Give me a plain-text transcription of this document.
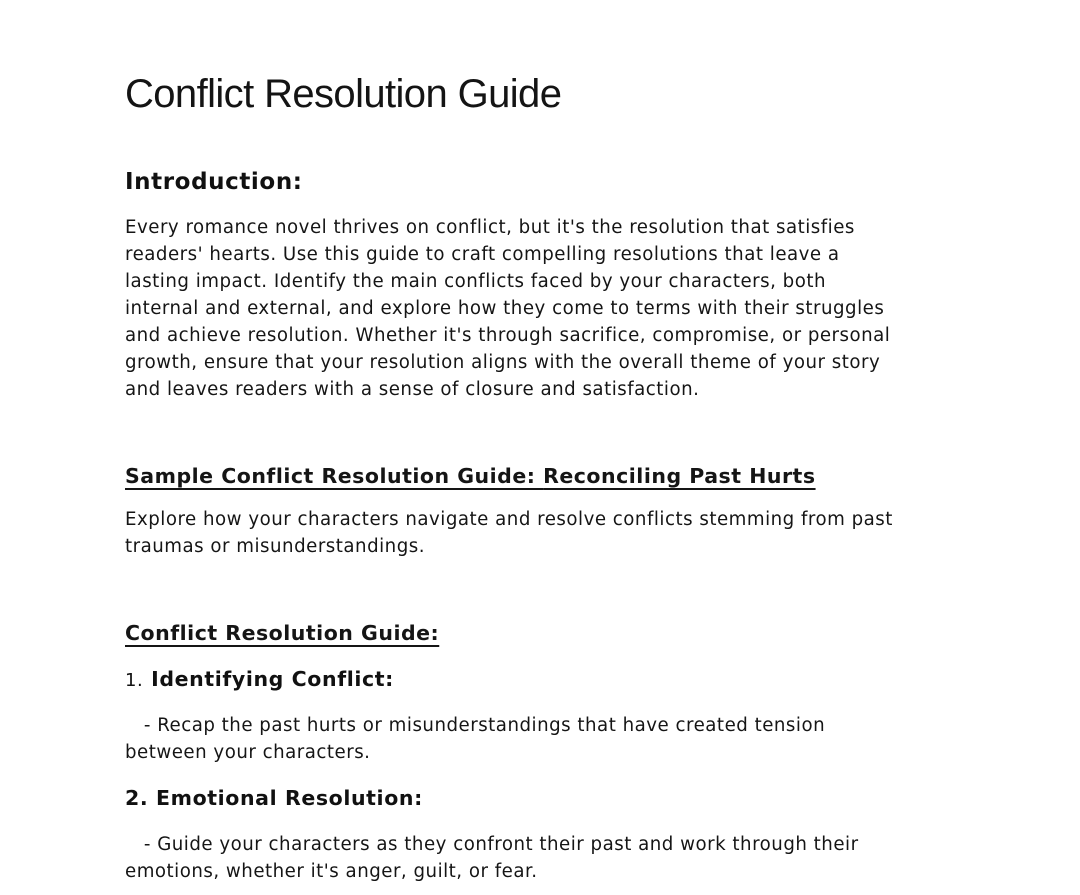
Conflict Resolution Guide
Introduction:

Every romance novel thrives on conflict, but it's the resolution that satisfies
readers' hearts. Use this guide to craft compelling resolutions that leave a
lasting impact. Identify the main conflicts faced by your characters, both
internal and external, and explore how they come to terms with their struggles
and achieve resolution. Whether it's through sacrifice, compromise, or personal
growth, ensure that your resolution aligns with the overall theme of your story
and leaves readers with a sense of closure and satisfaction.

Sample Conflict Resolution Guide: Reconciling Past Hurts

Explore how your characters navigate and resolve conflicts stemming from past
traumas or misunderstandings.

Conflict Resolution Guide:
1. Identifying Conflict:

- Recap the past hurts or misunderstandings that have created tension
between your characters.

2. Emotional Resolution:

- Guide your characters as they confront their past and work through their
emotions, whether it's anger, guilt, or fear.
